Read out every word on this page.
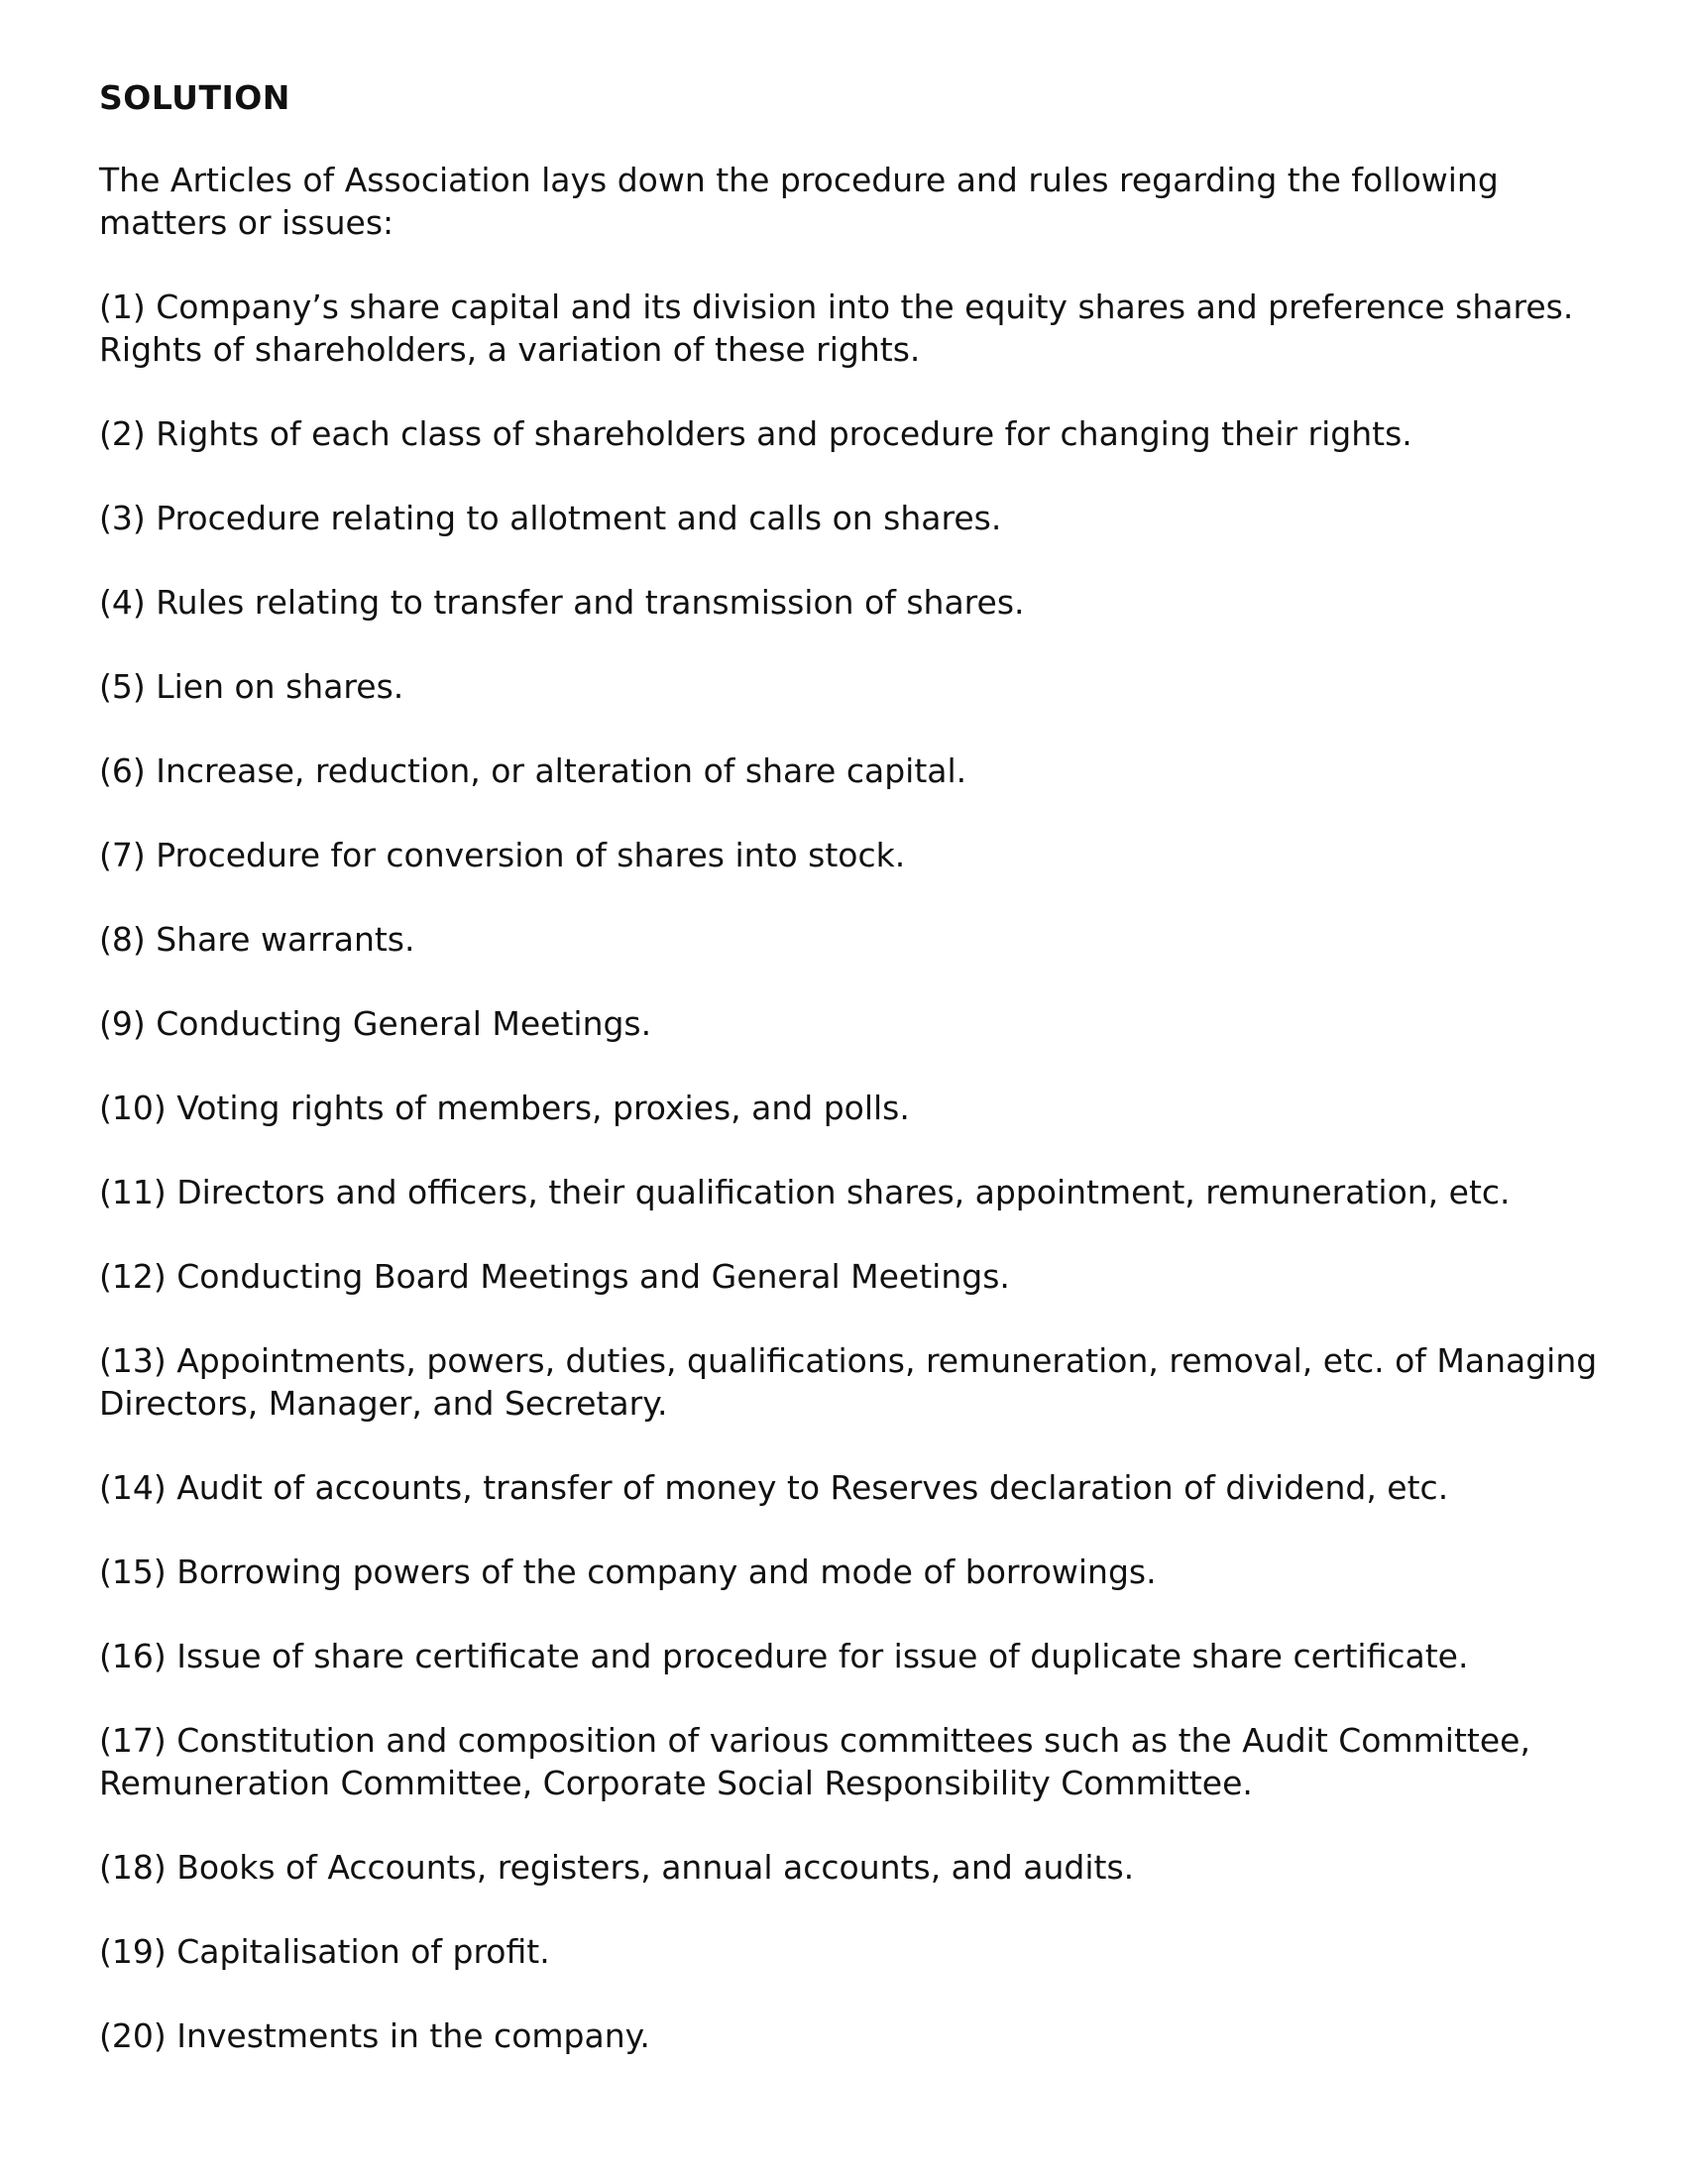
SOLUTION
The Articles of Association lays down the procedure and rules regarding the following matters or issues:
(1) Company’s share capital and its division into the equity shares and preference shares. Rights of shareholders, a variation of these rights.
(2) Rights of each class of shareholders and procedure for changing their rights.
(3) Procedure relating to allotment and calls on shares.
(4) Rules relating to transfer and transmission of shares.
(5) Lien on shares.
(6) Increase, reduction, or alteration of share capital.
(7) Procedure for conversion of shares into stock.
(8) Share warrants.
(9) Conducting General Meetings.
(10) Voting rights of members, proxies, and polls.
(11) Directors and officers, their qualification shares, appointment, remuneration, etc.
(12) Conducting Board Meetings and General Meetings.
(13) Appointments, powers, duties, qualifications, remuneration, removal, etc. of Managing Directors, Manager, and Secretary.
(14) Audit of accounts, transfer of money to Reserves declaration of dividend, etc.
(15) Borrowing powers of the company and mode of borrowings.
(16) Issue of share certificate and procedure for issue of duplicate share certificate.
(17) Constitution and composition of various committees such as the Audit Committee, Remuneration Committee, Corporate Social Responsibility Committee.
(18) Books of Accounts, registers, annual accounts, and audits.
(19) Capitalisation of profit.
(20) Investments in the company.
